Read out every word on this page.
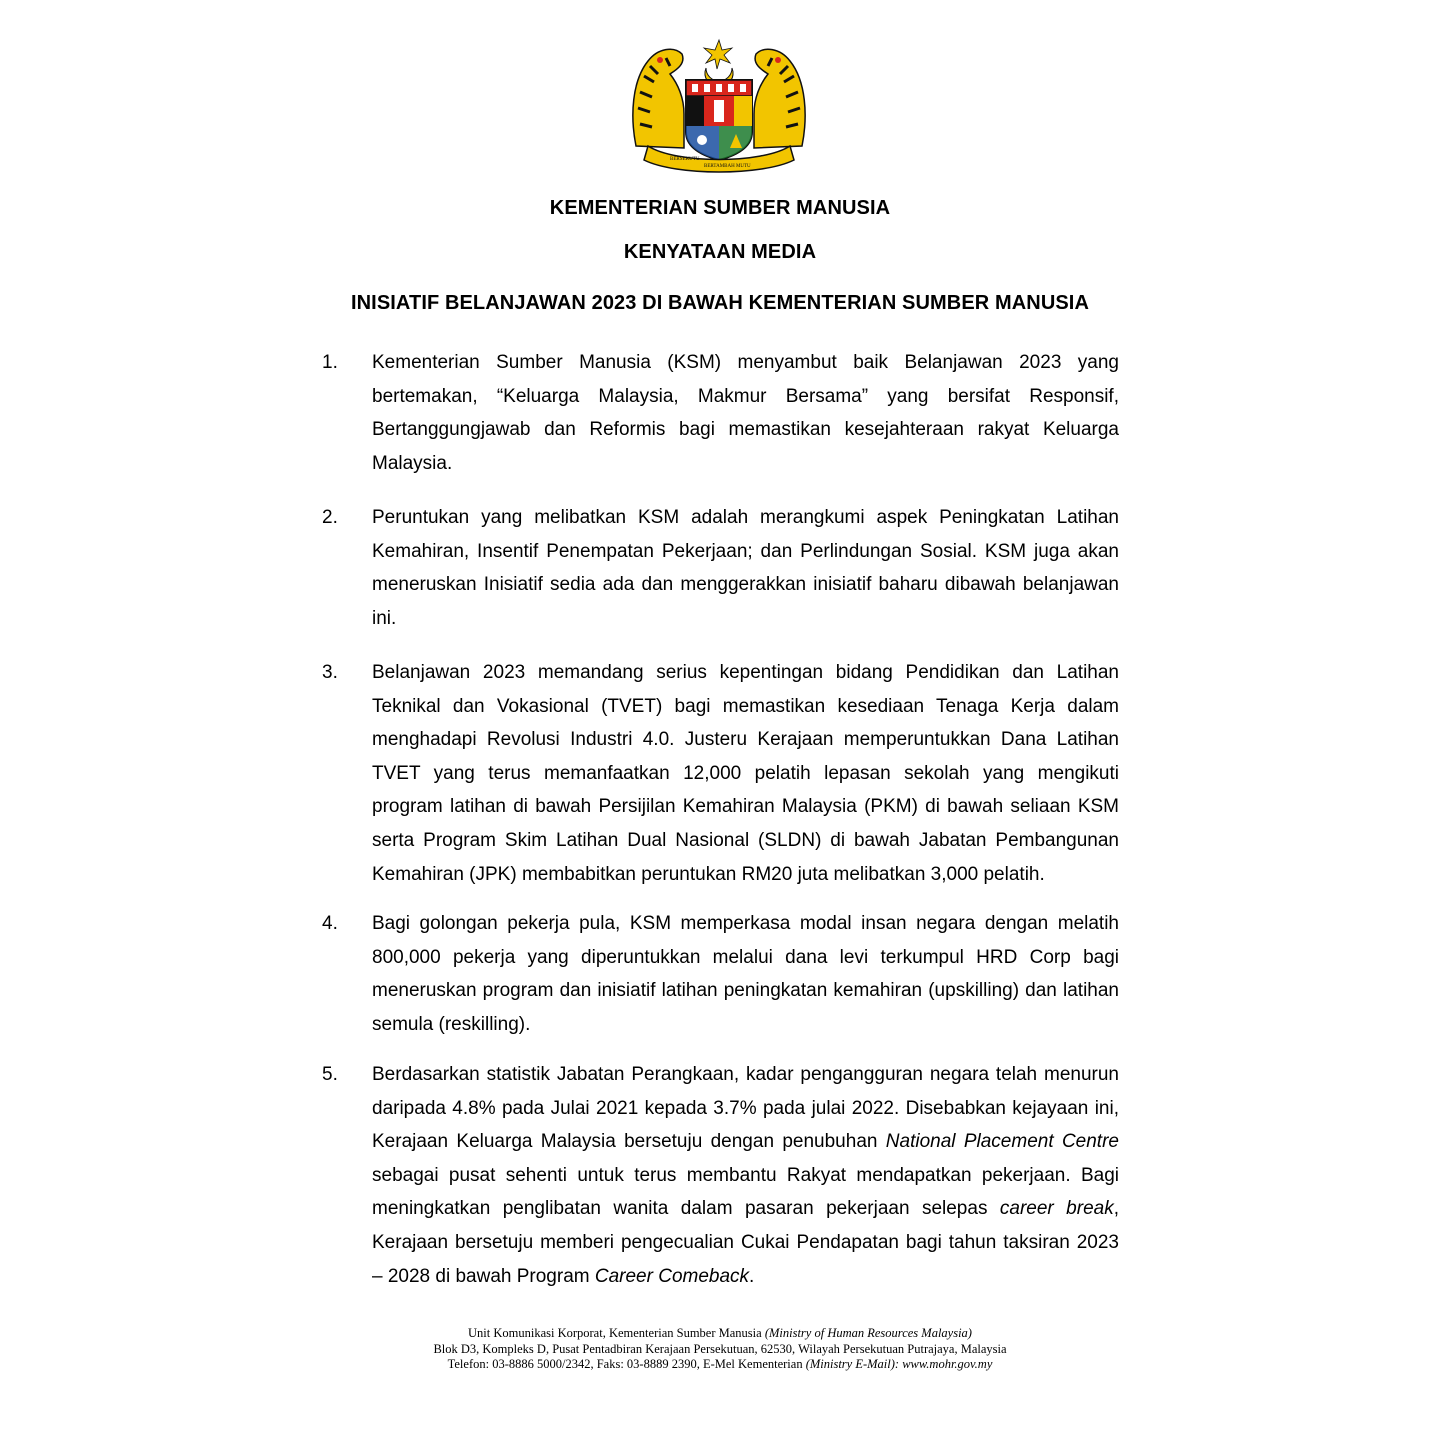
BERSEKUTU
BERTAMBAH MUTU
KEMENTERIAN SUMBER MANUSIA
KENYATAAN MEDIA
INISIATIF BELANJAWAN 2023 DI BAWAH KEMENTERIAN SUMBER MANUSIA
1. Kementerian Sumber Manusia (KSM) menyambut baik Belanjawan 2023 yang bertemakan, “Keluarga Malaysia, Makmur Bersama” yang bersifat Responsif, Bertanggungjawab dan Reformis bagi memastikan kesejahteraan rakyat Keluarga Malaysia.
2. Peruntukan yang melibatkan KSM adalah merangkumi aspek Peningkatan Latihan Kemahiran, Insentif Penempatan Pekerjaan; dan Perlindungan Sosial. KSM juga akan meneruskan Inisiatif sedia ada dan menggerakkan inisiatif baharu dibawah belanjawan ini.
3. Belanjawan 2023 memandang serius kepentingan bidang Pendidikan dan Latihan Teknikal dan Vokasional (TVET) bagi memastikan kesediaan Tenaga Kerja dalam menghadapi Revolusi Industri 4.0. Justeru Kerajaan memperuntukkan Dana Latihan TVET yang terus memanfaatkan 12,000 pelatih lepasan sekolah yang mengikuti program latihan di bawah Persijilan Kemahiran Malaysia (PKM) di bawah seliaan KSM serta Program Skim Latihan Dual Nasional (SLDN) di bawah Jabatan Pembangunan Kemahiran (JPK) membabitkan peruntukan RM20 juta melibatkan 3,000 pelatih.
4. Bagi golongan pekerja pula, KSM memperkasa modal insan negara dengan melatih 800,000 pekerja yang diperuntukkan melalui dana levi terkumpul HRD Corp bagi meneruskan program dan inisiatif latihan peningkatan kemahiran (upskilling) dan latihan semula (reskilling).
5. Berdasarkan statistik Jabatan Perangkaan, kadar pengangguran negara telah menurun daripada 4.8% pada Julai 2021 kepada 3.7% pada julai 2022. Disebabkan kejayaan ini, Kerajaan Keluarga Malaysia bersetuju dengan penubuhan National Placement Centre sebagai pusat sehenti untuk terus membantu Rakyat mendapatkan pekerjaan. Bagi meningkatkan penglibatan wanita dalam pasaran pekerjaan selepas career break, Kerajaan bersetuju memberi pengecualian Cukai Pendapatan bagi tahun taksiran 2023 – 2028 di bawah Program Career Comeback.
Unit Komunikasi Korporat, Kementerian Sumber Manusia (Ministry of Human Resources Malaysia)
Blok D3, Kompleks D, Pusat Pentadbiran Kerajaan Persekutuan, 62530, Wilayah Persekutuan Putrajaya, Malaysia
Telefon: 03-8886 5000/2342, Faks: 03-8889 2390, E-Mel Kementerian (Ministry E-Mail): www.mohr.gov.my
